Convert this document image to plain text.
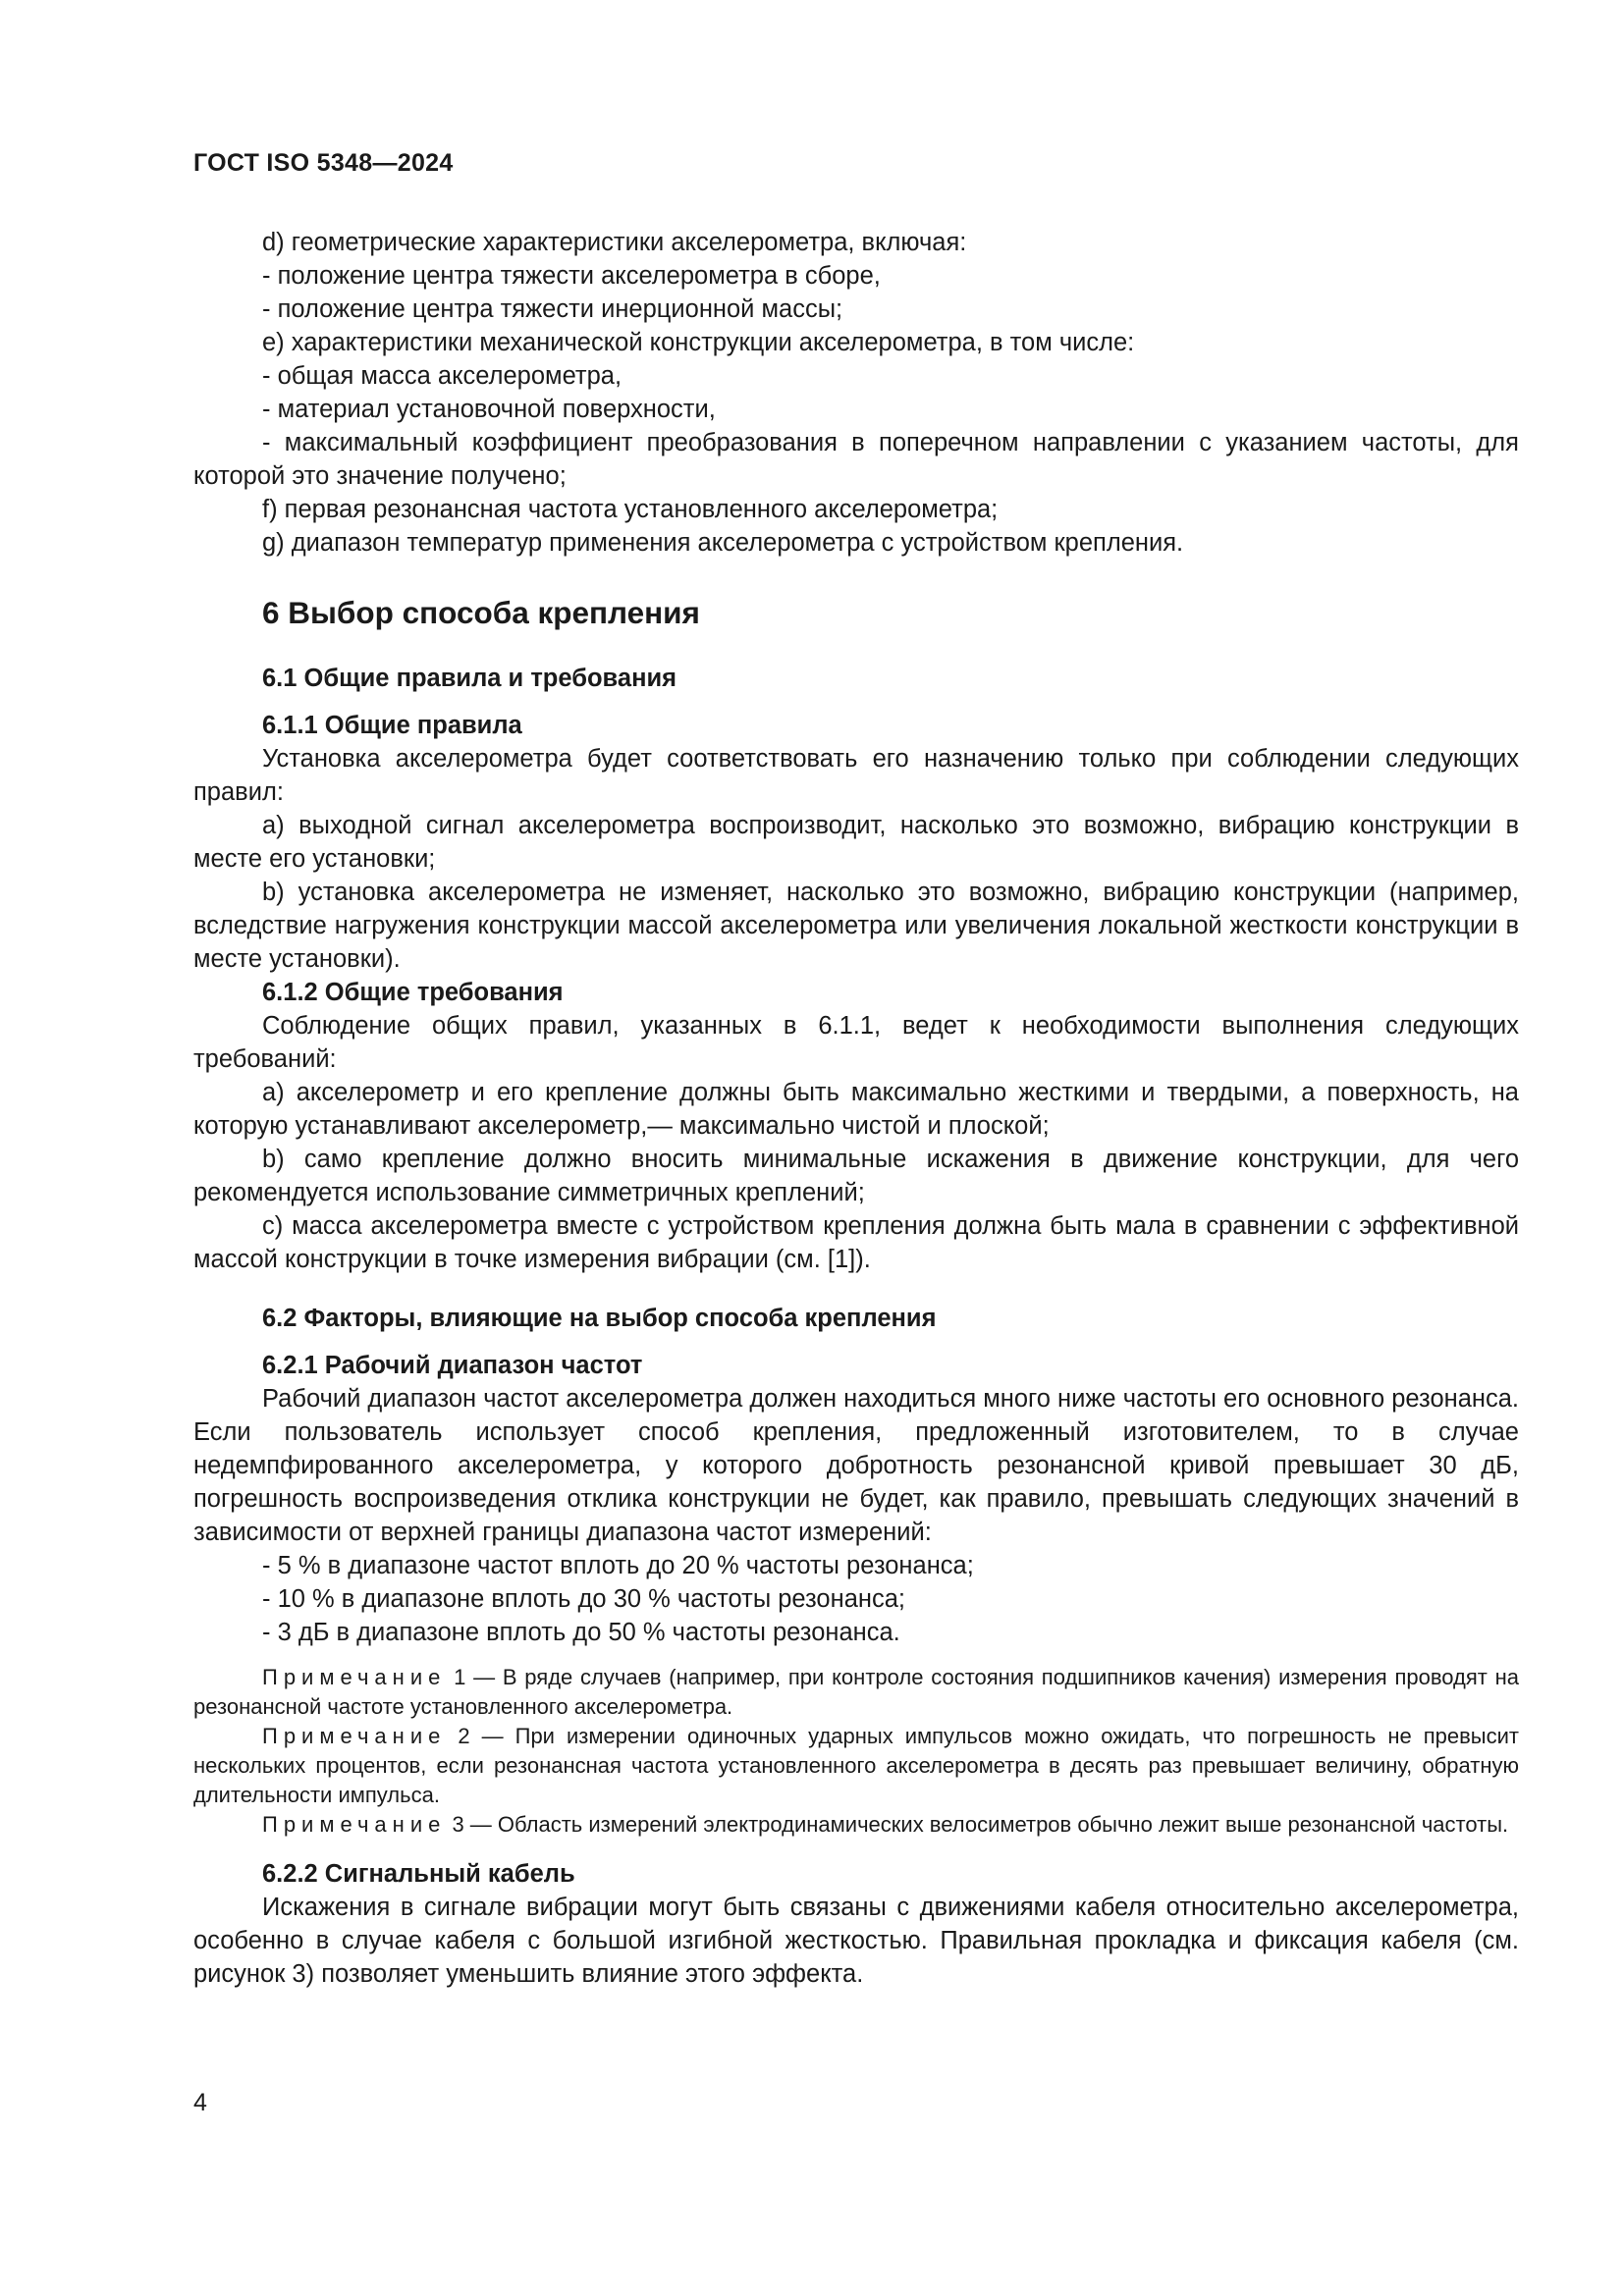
ГОСТ ISO 5348—2024

d) геометрические характеристики акселерометра, включая:

- положение центра тяжести акселерометра в сборе,

- положение центра тяжести инерционной массы;

e) характеристики механической конструкции акселерометра, в том числе:

- общая масса акселерометра,

- материал установочной поверхности,

- максимальный коэффициент преобразования в поперечном направлении с указанием частоты, для которой это значение получено;

f) первая резонансная частота установленного акселерометра;

g) диапазон температур применения акселерометра с устройством крепления.

6 Выбор способа крепления

6.1 Общие правила и требования

6.1.1 Общие правила

Установка акселерометра будет соответствовать его назначению только при соблюдении следующих правил:

a) выходной сигнал акселерометра воспроизводит, насколько это возможно, вибрацию конструкции в месте его установки;

b) установка акселерометра не изменяет, насколько это возможно, вибрацию конструкции (например, вследствие нагружения конструкции массой акселерометра или увеличения локальной жесткости конструкции в месте установки).

6.1.2 Общие требования

Соблюдение общих правил, указанных в 6.1.1, ведет к необходимости выполнения следующих требований:

a) акселерометр и его крепление должны быть максимально жесткими и твердыми, а поверхность, на которую устанавливают акселерометр,— максимально чистой и плоской;

b) само крепление должно вносить минимальные искажения в движение конструкции, для чего рекомендуется использование симметричных креплений;

c) масса акселерометра вместе с устройством крепления должна быть мала в сравнении с эффективной массой конструкции в точке измерения вибрации (см. [1]).

6.2 Факторы, влияющие на выбор способа крепления

6.2.1 Рабочий диапазон частот

Рабочий диапазон частот акселерометра должен находиться много ниже частоты его основного резонанса. Если пользователь использует способ крепления, предложенный изготовителем, то в случае недемпфированного акселерометра, у которого добротность резонансной кривой превышает 30 дБ, погрешность воспроизведения отклика конструкции не будет, как правило, превышать следующих значений в зависимости от верхней границы диапазона частот измерений:

- 5 % в диапазоне частот вплоть до 20 % частоты резонанса;

- 10 % в диапазоне вплоть до 30 % частоты резонанса;

- 3 дБ в диапазоне вплоть до 50 % частоты резонанса.

Примечание 1 — В ряде случаев (например, при контроле состояния подшипников качения) измерения проводят на резонансной частоте установленного акселерометра.

Примечание 2 — При измерении одиночных ударных импульсов можно ожидать, что погрешность не превысит нескольких процентов, если резонансная частота установленного акселерометра в десять раз превышает величину, обратную длительности импульса.

Примечание 3 — Область измерений электродинамических велосиметров обычно лежит выше резонансной частоты.

6.2.2 Сигнальный кабель

Искажения в сигнале вибрации могут быть связаны с движениями кабеля относительно акселерометра, особенно в случае кабеля с большой изгибной жесткостью. Правильная прокладка и фиксация кабеля (см. рисунок 3) позволяет уменьшить влияние этого эффекта.

4
